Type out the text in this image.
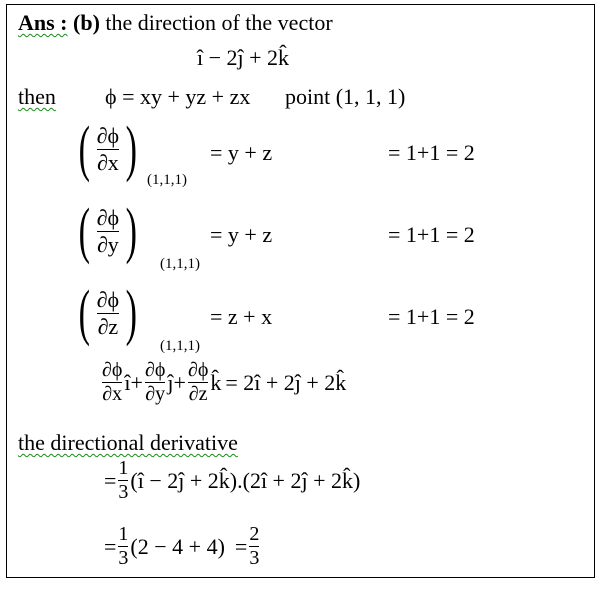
Ans : (b) the direction of the vector
î − 2ĵ + 2k̂
then ϕ = xy + yz + zx point (1, 1, 1)
( $\frac{\partial\phi}{\partial x}$ ) (1,1,1)
= y + z	= 1+1 = 2
( $\frac{\partial\phi}{\partial y}$ ) (1,1,1)
= y + z	= 1+1 = 2
( $\frac{\partial\phi}{\partial z}$ ) (1,1,1)
= z + x	= 1+1 = 2
$\frac{\partial\phi}{\partial x}$ î + $\frac{\partial\phi}{\partial y}$ ĵ + $\frac{\partial\phi}{\partial z}$ k̂ = 2î + 2ĵ + 2k̂
the directional derivative
= $\frac{1}{3}$ (î − 2ĵ + 2k̂).(2î + 2ĵ + 2k̂)
= $\frac{1}{3} (2 - 4 + 4) = \frac{2}{3}$
